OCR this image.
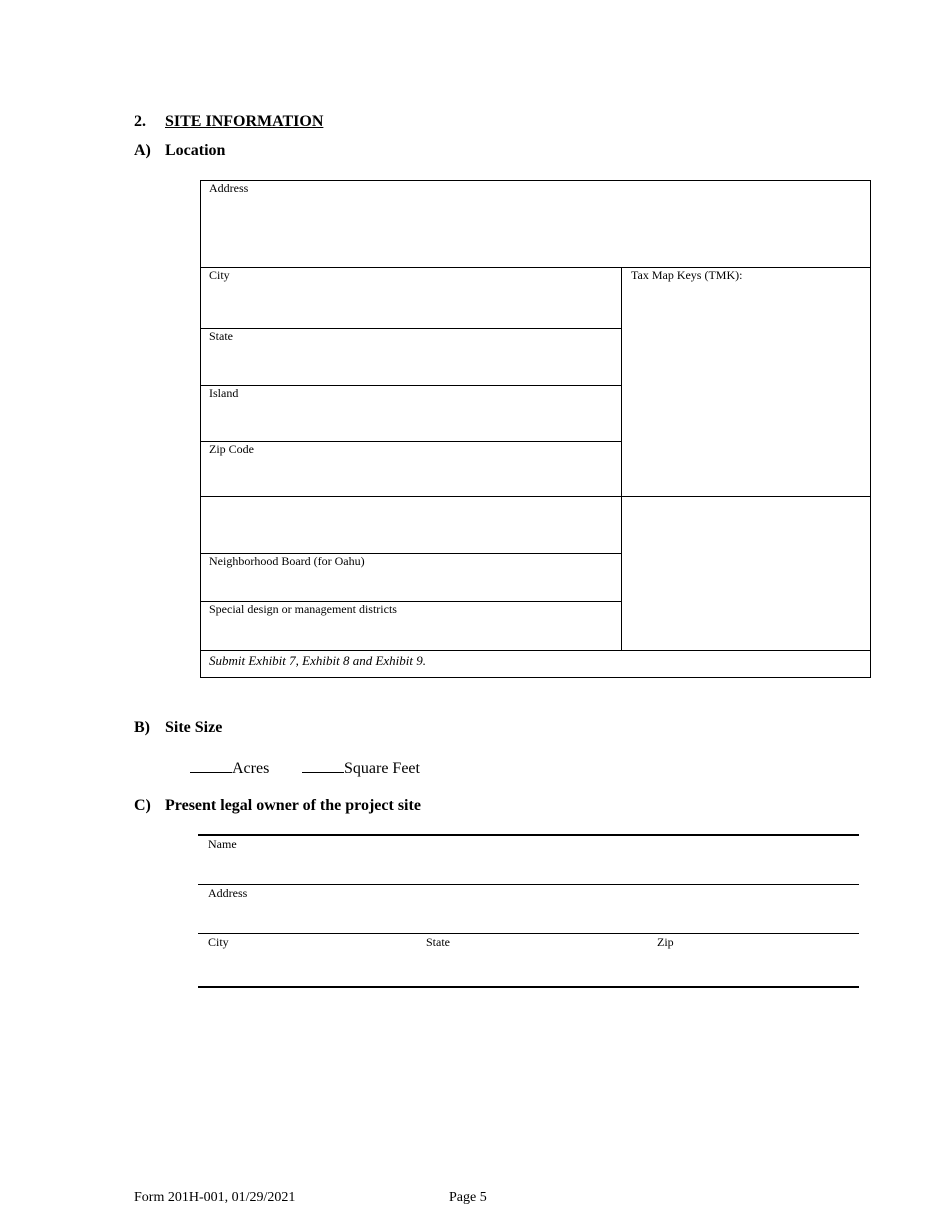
2. SITE INFORMATION
A) Location
Address
City	Tax Map Keys (TMK):
State
Island
Zip Code
Neighborhood Board (for Oahu)
Special design or management districts
Submit Exhibit 7, Exhibit 8 and Exhibit 9.
B) Site Size
Acres	Square Feet
C) Present legal owner of the project site
Name
Address
City	State	Zip
Form 201H-001, 01/29/2021	Page 5
